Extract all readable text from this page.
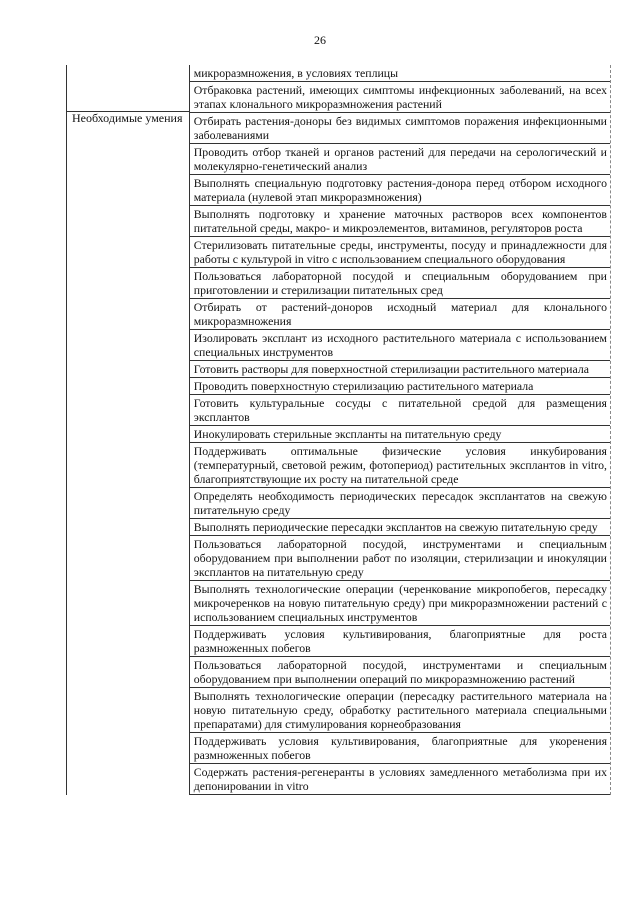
26
Необходимые умения
микроразмножения, в условиях теплицы
Отбраковка растений, имеющих симптомы инфекционных заболеваний, на всех этапах клонального микроразмножения растений
Отбирать растения-доноры без видимых симптомов поражения инфекционными заболеваниями
Проводить отбор тканей и органов растений для передачи на серологический и молекулярно-генетический анализ
Выполнять специальную подготовку растения-донора перед отбором исходного материала (нулевой этап микроразмножения)
Выполнять подготовку и хранение маточных растворов всех компонентов питательной среды, макро- и микроэлементов, витаминов, регуляторов роста
Стерилизовать питательные среды, инструменты, посуду и принадлежности для работы с культурой in vitro с использованием специального оборудования
Пользоваться лабораторной посудой и специальным оборудованием при приготовлении и стерилизации питательных сред
Отбирать от растений-доноров исходный материал для клонального микроразмножения
Изолировать эксплант из исходного растительного материала с использованием специальных инструментов
Готовить растворы для поверхностной стерилизации растительного материала
Проводить поверхностную стерилизацию растительного материала
Готовить культуральные сосуды с питательной средой для размещения эксплантов
Инокулировать стерильные экспланты на питательную среду
Поддерживать оптимальные физические условия инкубирования (температурный, световой режим, фотопериод) растительных эксплантов in vitro, благоприятствующие их росту на питательной среде
Определять необходимость периодических пересадок эксплантатов на свежую питательную среду
Выполнять периодические пересадки эксплантов на свежую питательную среду
Пользоваться лабораторной посудой, инструментами и специальным оборудованием при выполнении работ по изоляции, стерилизации и инокуляции эксплантов на питательную среду
Выполнять технологические операции (черенкование микропобегов, пересадку микрочеренков на новую питательную среду) при микроразмножении растений с использованием специальных инструментов
Поддерживать условия культивирования, благоприятные для роста размноженных побегов
Пользоваться лабораторной посудой, инструментами и специальным оборудованием при выполнении операций по микроразмножению растений
Выполнять технологические операции (пересадку растительного материала на новую питательную среду, обработку растительного материала специальными препаратами) для стимулирования корнеобразования
Поддерживать условия культивирования, благоприятные для укоренения размноженных побегов
Содержать растения-регенеранты в условиях замедленного метаболизма при их депонировании in vitro
